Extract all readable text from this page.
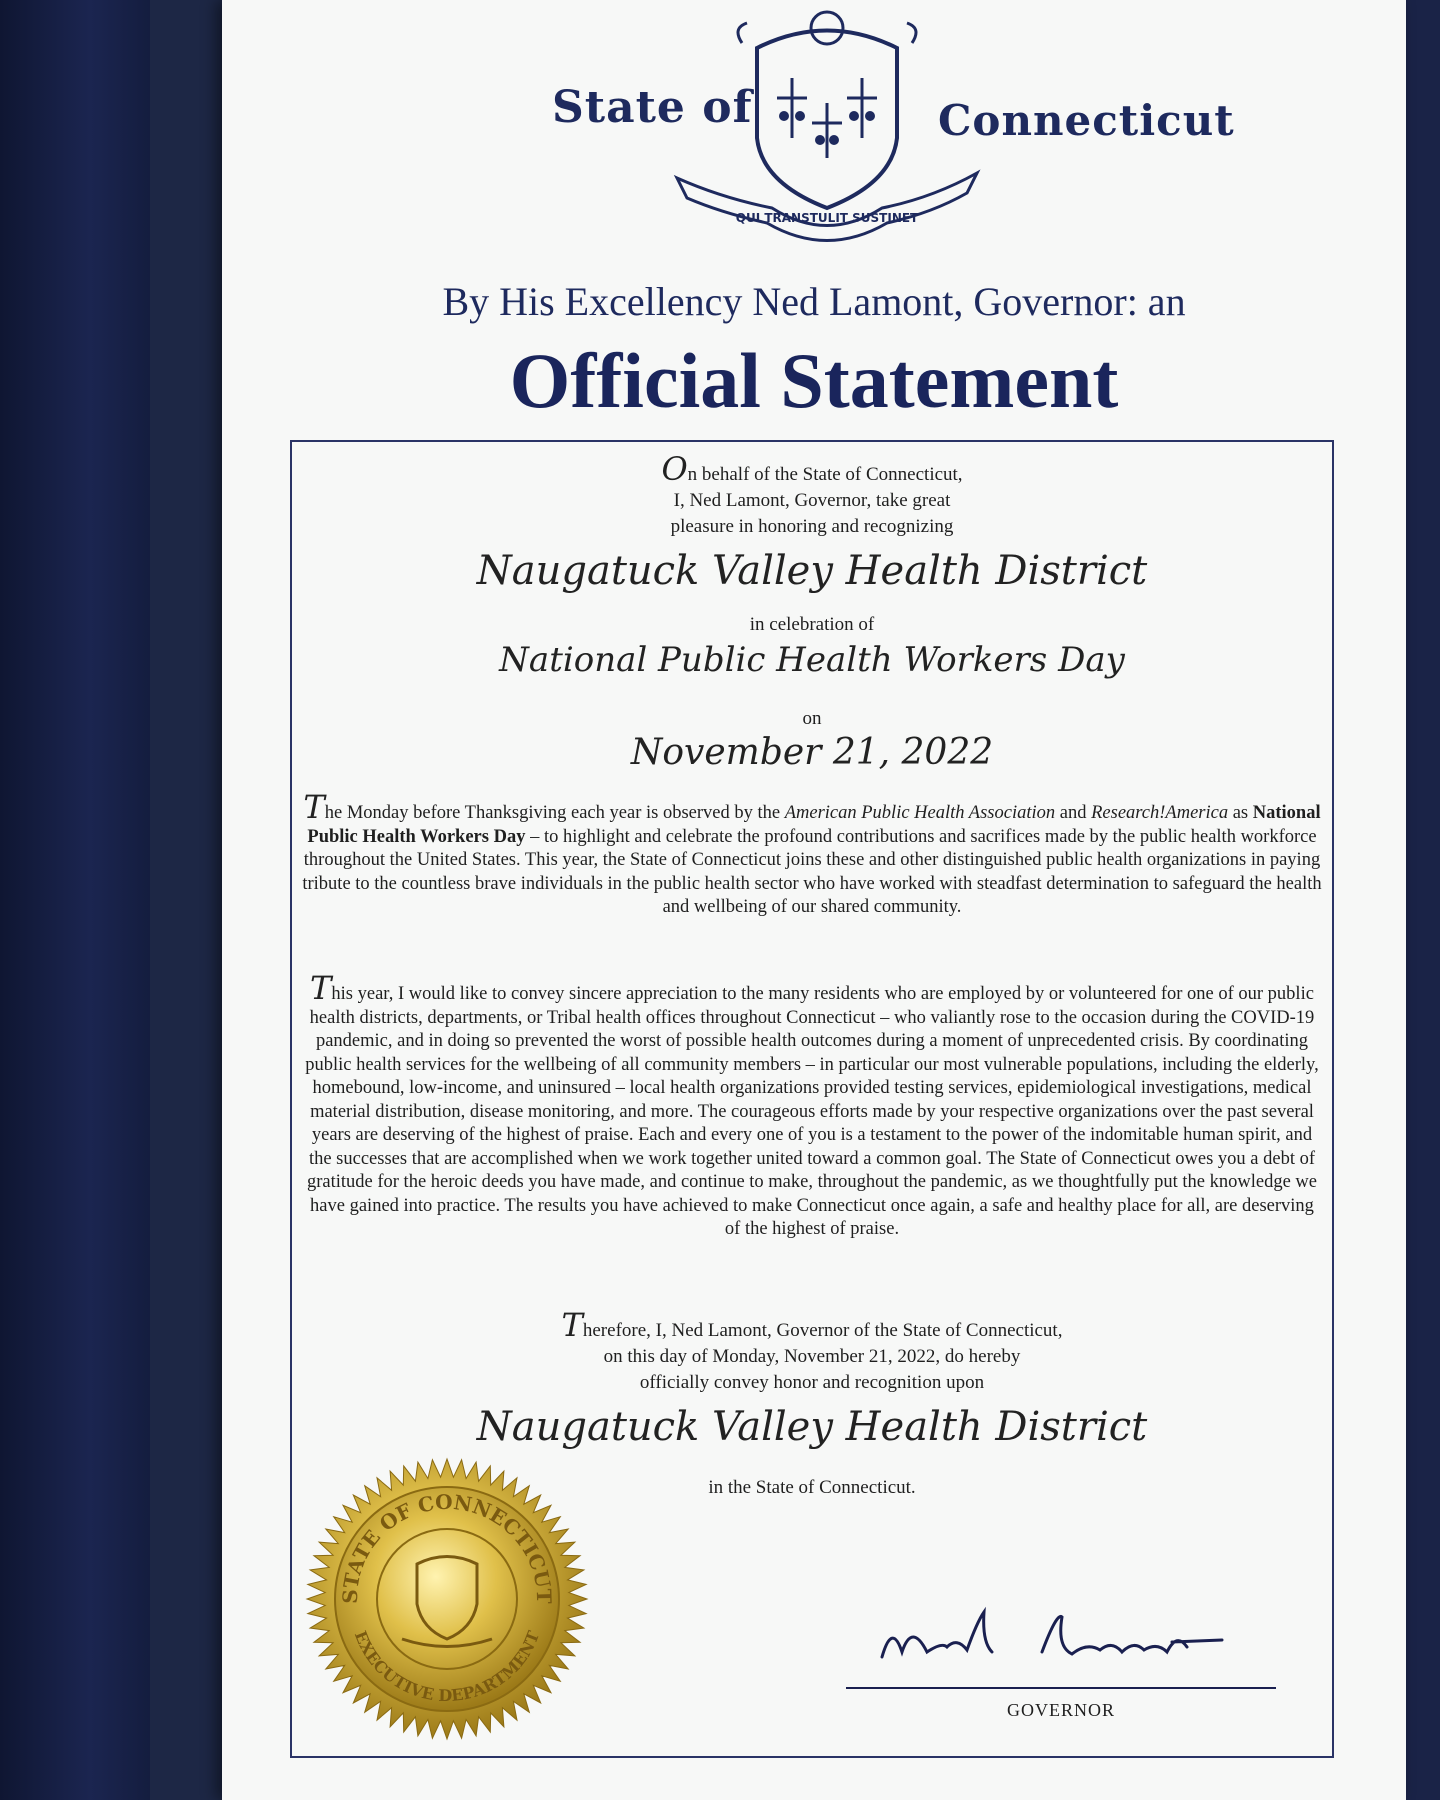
State of
QUI TRANSTULIT SUSTINET
Connecticut
By His Excellency Ned Lamont, Governor: an
Official Statement
On behalf of the State of Connecticut,
I, Ned Lamont, Governor, take great
pleasure in honoring and recognizing
Naugatuck Valley Health District
in celebration of
National Public Health Workers Day
on
November 21, 2022
The Monday before Thanksgiving each year is observed by the American Public Health Association and Research!America as National Public Health Workers Day – to highlight and celebrate the profound contributions and sacrifices made by the public health workforce throughout the United States. This year, the State of Connecticut joins these and other distinguished public health organizations in paying tribute to the countless brave individuals in the public health sector who have worked with steadfast determination to safeguard the health and wellbeing of our shared community.
This year, I would like to convey sincere appreciation to the many residents who are employed by or volunteered for one of our public health districts, departments, or Tribal health offices throughout Connecticut – who valiantly rose to the occasion during the COVID-19 pandemic, and in doing so prevented the worst of possible health outcomes during a moment of unprecedented crisis. By coordinating public health services for the wellbeing of all community members – in particular our most vulnerable populations, including the elderly, homebound, low-income, and uninsured – local health organizations provided testing services, epidemiological investigations, medical material distribution, disease monitoring, and more. The courageous efforts made by your respective organizations over the past several years are deserving of the highest of praise. Each and every one of you is a testament to the power of the indomitable human spirit, and the successes that are accomplished when we work together united toward a common goal. The State of Connecticut owes you a debt of gratitude for the heroic deeds you have made, and continue to make, throughout the pandemic, as we thoughtfully put the knowledge we have gained into practice. The results you have achieved to make Connecticut once again, a safe and healthy place for all, are deserving of the highest of praise.
Therefore, I, Ned Lamont, Governor of the State of Connecticut,
on this day of Monday, November 21, 2022, do hereby
officially convey honor and recognition upon
Naugatuck Valley Health District
in the State of Connecticut.
STATE OF CONNECTICUT
EXECUTIVE DEPARTMENT
GOVERNOR
